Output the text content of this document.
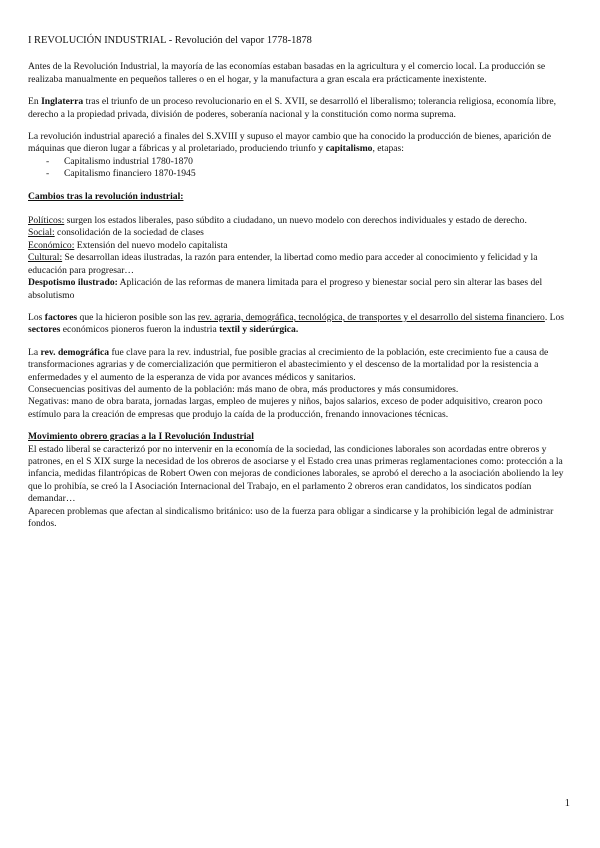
I REVOLUCIÓN INDUSTRIAL - Revolución del vapor 1778-1878

Antes de la Revolución Industrial, la mayoría de las economías estaban basadas en la agricultura y el comercio local. La producción se realizaba manualmente en pequeños talleres o en el hogar, y la manufactura a gran escala era prácticamente inexistente.

En Inglaterra tras el triunfo de un proceso revolucionario en el S. XVII, se desarrolló el liberalismo; tolerancia religiosa, economía libre, derecho a la propiedad privada, división de poderes, soberanía nacional y la constitución como norma suprema.

La revolución industrial apareció a finales del S.XVIII y supuso el mayor cambio que ha conocido la producción de bienes, aparición de máquinas que dieron lugar a fábricas y al proletariado, produciendo triunfo y capitalismo, etapas:

- Capitalismo industrial 1780-1870
- Capitalismo financiero 1870-1945
Cambios tras la revolución industrial:

Políticos: surgen los estados liberales, paso súbdito a ciudadano, un nuevo modelo con derechos individuales y estado de derecho.

Social: consolidación de la sociedad de clases

Económico: Extensión del nuevo modelo capitalista

Cultural: Se desarrollan ideas ilustradas, la razón para entender, la libertad como medio para acceder al conocimiento y felicidad y la educación para progresar…

Despotismo ilustrado: Aplicación de las reformas de manera limitada para el progreso y bienestar social pero sin alterar las bases del absolutismo

Los factores que la hicieron posible son las rev. agraria, demográfica, tecnológica, de transportes y el desarrollo del sistema financiero. Los sectores económicos pioneros fueron la industria textil y siderúrgica.

La rev. demográfica fue clave para la rev. industrial, fue posible gracias al crecimiento de la población, este crecimiento fue a causa de transformaciones agrarias y de comercialización que permitieron el abastecimiento y el descenso de la mortalidad por la resistencia a enfermedades y el aumento de la esperanza de vida por avances médicos y sanitarios.

Consecuencias positivas del aumento de la población: más mano de obra, más productores y más consumidores.

Negativas: mano de obra barata, jornadas largas, empleo de mujeres y niños, bajos salarios, exceso de poder adquisitivo, crearon poco estímulo para la creación de empresas que produjo la caída de la producción, frenando innovaciones técnicas.

Movimiento obrero gracias a la I Revolución Industrial

El estado liberal se caracterizó por no intervenir en la economía de la sociedad, las condiciones laborales son acordadas entre obreros y patrones, en el S XIX surge la necesidad de los obreros de asociarse y el Estado crea unas primeras reglamentaciones como: protección a la infancia, medidas filantrópicas de Robert Owen con mejoras de condiciones laborales, se aprobó el derecho a la asociación aboliendo la ley que lo prohibía, se creó la I Asociación Internacional del Trabajo, en el parlamento 2 obreros eran candidatos, los sindicatos podían demandar…

Aparecen problemas que afectan al sindicalismo británico: uso de la fuerza para obligar a sindicarse y la prohibición legal de administrar fondos.

1
